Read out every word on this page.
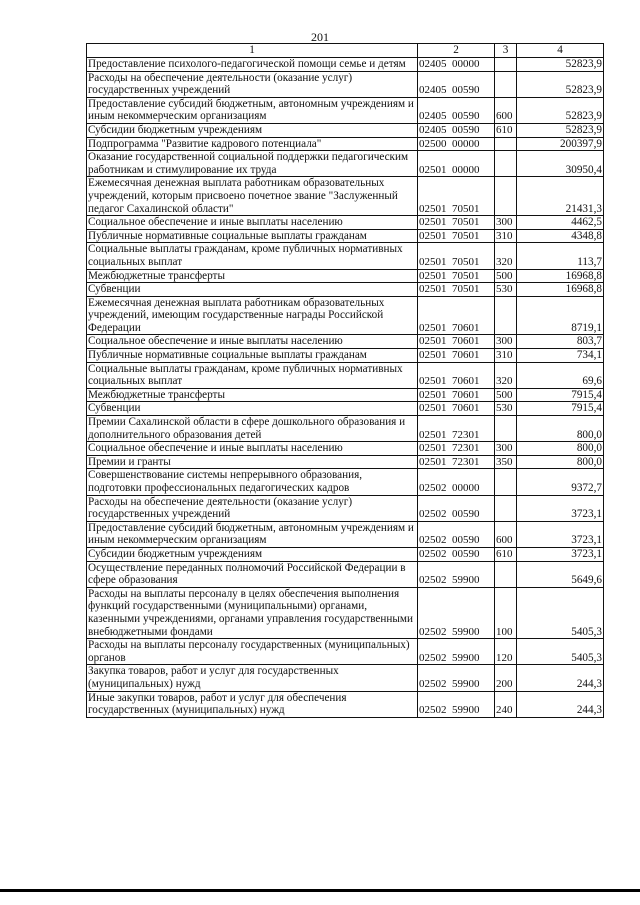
201
1	2	3	4
Предоставление психолого-педагогической помощи семье и детям	02405  00000		52823,9
Расходы на обеспечение деятельности (оказание услуг) государственных учреждений	02405  00590		52823,9
Предоставление субсидий бюджетным, автономным учреждениям и иным некоммерческим организациям	02405  00590	600	52823,9
Субсидии бюджетным учреждениям	02405  00590	610	52823,9
Подпрограмма "Развитие кадрового потенциала"	02500  00000		200397,9
Оказание государственной социальной поддержки педагогическим работникам и стимулирование их труда	02501  00000		30950,4
Ежемесячная денежная выплата работникам образовательных учреждений, которым присвоено почетное звание "Заслуженный педагог Сахалинской области"	02501  70501		21431,3
Социальное обеспечение и иные выплаты населению	02501  70501	300	4462,5
Публичные нормативные социальные выплаты гражданам	02501  70501	310	4348,8
Социальные выплаты гражданам, кроме публичных нормативных социальных выплат	02501  70501	320	113,7
Межбюджетные трансферты	02501  70501	500	16968,8
Субвенции	02501  70501	530	16968,8
Ежемесячная денежная выплата работникам образовательных учреждений, имеющим государственные награды Российской Федерации	02501  70601		8719,1
Социальное обеспечение и иные выплаты населению	02501  70601	300	803,7
Публичные нормативные социальные выплаты гражданам	02501  70601	310	734,1
Социальные выплаты гражданам, кроме публичных нормативных социальных выплат	02501  70601	320	69,6
Межбюджетные трансферты	02501  70601	500	7915,4
Субвенции	02501  70601	530	7915,4
Премии Сахалинской области в сфере дошкольного образования и дополнительного образования детей	02501  72301		800,0
Социальное обеспечение и иные выплаты населению	02501  72301	300	800,0
Премии и гранты	02501  72301	350	800,0
Совершенствование системы непрерывного образования, подготовки профессиональных педагогических кадров	02502  00000		9372,7
Расходы на обеспечение деятельности (оказание услуг) государственных учреждений	02502  00590		3723,1
Предоставление субсидий бюджетным, автономным учреждениям и иным некоммерческим организациям	02502  00590	600	3723,1
Субсидии бюджетным учреждениям	02502  00590	610	3723,1
Осуществление переданных полномочий Российской Федерации в сфере образования	02502  59900		5649,6
Расходы на выплаты персоналу в целях обеспечения выполнения функций государственными (муниципальными) органами, казенными учреждениями, органами управления государственными внебюджетными фондами	02502  59900	100	5405,3
Расходы на выплаты персоналу государственных (муниципальных) органов	02502  59900	120	5405,3
Закупка товаров, работ и услуг для государственных (муниципальных) нужд	02502  59900	200	244,3
Иные закупки товаров, работ и услуг для обеспечения государственных (муниципальных) нужд	02502  59900	240	244,3
